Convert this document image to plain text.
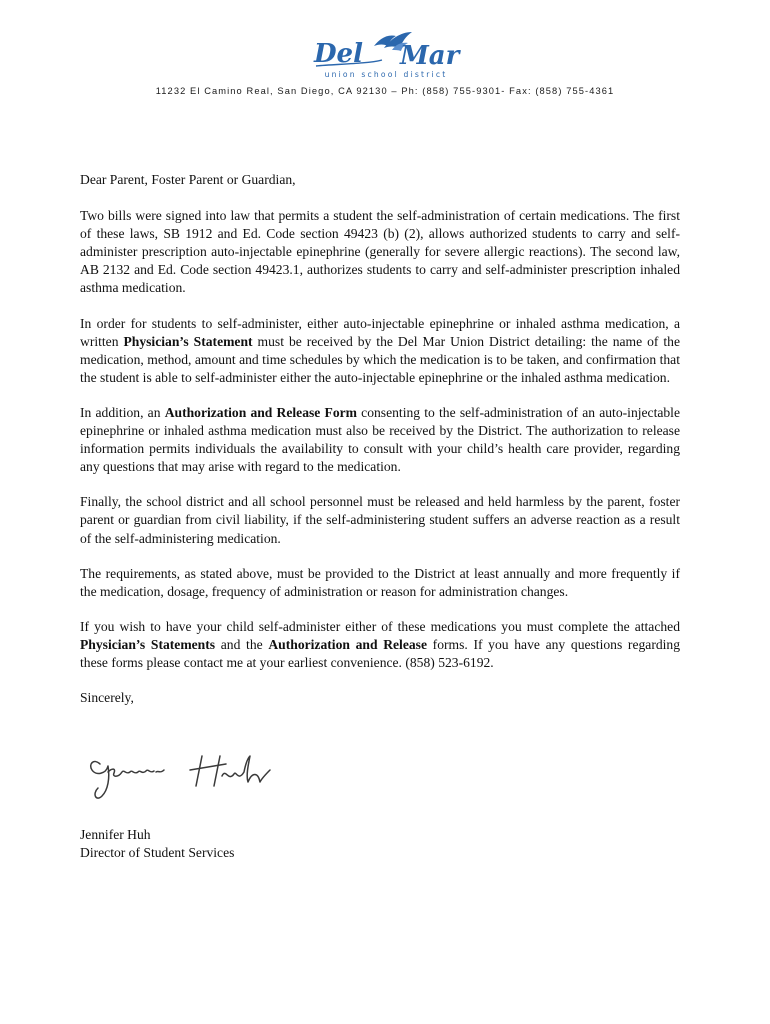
Del Mar
union school district
11232 El Camino Real, San Diego, CA 92130 – Ph: (858) 755-9301- Fax: (858) 755-4361

Dear Parent, Foster Parent or Guardian,

Two bills were signed into law that permits a student the self-administration of certain medications. The first of these laws, SB 1912 and Ed. Code section 49423 (b) (2), allows authorized students to carry and self-administer prescription auto-injectable epinephrine (generally for severe allergic reactions). The second law, AB 2132 and Ed. Code section 49423.1, authorizes students to carry and self-administer prescription inhaled asthma medication.

In order for students to self-administer, either auto-injectable epinephrine or inhaled asthma medication, a written Physician’s Statement must be received by the Del Mar Union District detailing: the name of the medication, method, amount and time schedules by which the medication is to be taken, and confirmation that the student is able to self-administer either the auto-injectable epinephrine or the inhaled asthma medication.

In addition, an Authorization and Release Form consenting to the self-administration of an auto-injectable epinephrine or inhaled asthma medication must also be received by the District. The authorization to release information permits individuals the availability to consult with your child’s health care provider, regarding any questions that may arise with regard to the medication.

Finally, the school district and all school personnel must be released and held harmless by the parent, foster parent or guardian from civil liability, if the self-administering student suffers an adverse reaction as a result of the self-administering medication.

The requirements, as stated above, must be provided to the District at least annually and more frequently if the medication, dosage, frequency of administration or reason for administration changes.

If you wish to have your child self-administer either of these medications you must complete the attached Physician’s Statements and the Authorization and Release forms. If you have any questions regarding these forms please contact me at your earliest convenience. (858) 523-6192.

Sincerely,

Jennifer Huh
Director of Student Services
